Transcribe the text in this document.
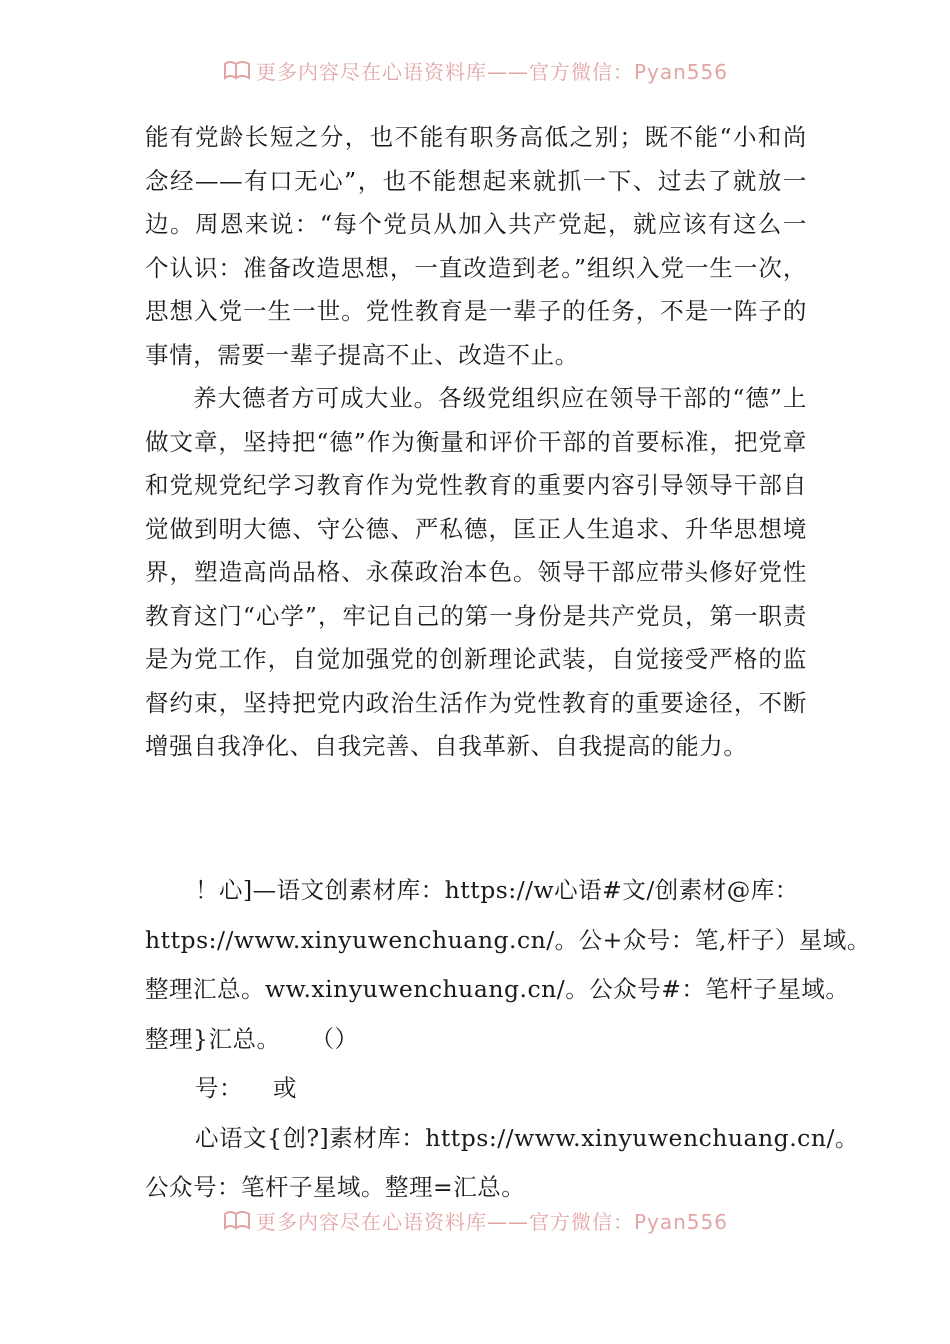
更多内容尽在心语资料库——官方微信：Pyan556

能有党龄长短之分，也不能有职务高低之别；既不能“小和尚念经——有口无心”，也不能想起来就抓一下、过去了就放一边。周恩来说：“每个党员从加入共产党起，就应该有这么一个认识：准备改造思想，一直改造到老。”组织入党一生一次，思想入党一生一世。党性教育是一辈子的任务，不是一阵子的事情，需要一辈子提高不止、改造不止。

养大德者方可成大业。各级党组织应在领导干部的“德”上做文章，坚持把“德”作为衡量和评价干部的首要标准，把党章和党规党纪学习教育作为党性教育的重要内容引导领导干部自觉做到明大德、守公德、严私德，匡正人生追求、升华思想境界，塑造高尚品格、永葆政治本色。领导干部应带头修好党性教育这门“心学”，牢记自己的第一身份是共产党员，第一职责是为党工作，自觉加强党的创新理论武装，自觉接受严格的监督约束，坚持把党内政治生活作为党性教育的重要途径，不断增强自我净化、自我完善、自我革新、自我提高的能力。

！心]—语文创素材库：https://w心语#文/创素材@库：

https://www.xinyuwenchuang.cn/。公+众号：笔,杆子）星域。

整理汇总。ww.xinyuwenchuang.cn/。公众号#：笔杆子星域。

整理}汇总。 （）

号： 或

心语文{创?]素材库：https://www.xinyuwenchuang.cn/。

公众号：笔杆子星域。整理=汇总。

更多内容尽在心语资料库——官方微信：Pyan556
